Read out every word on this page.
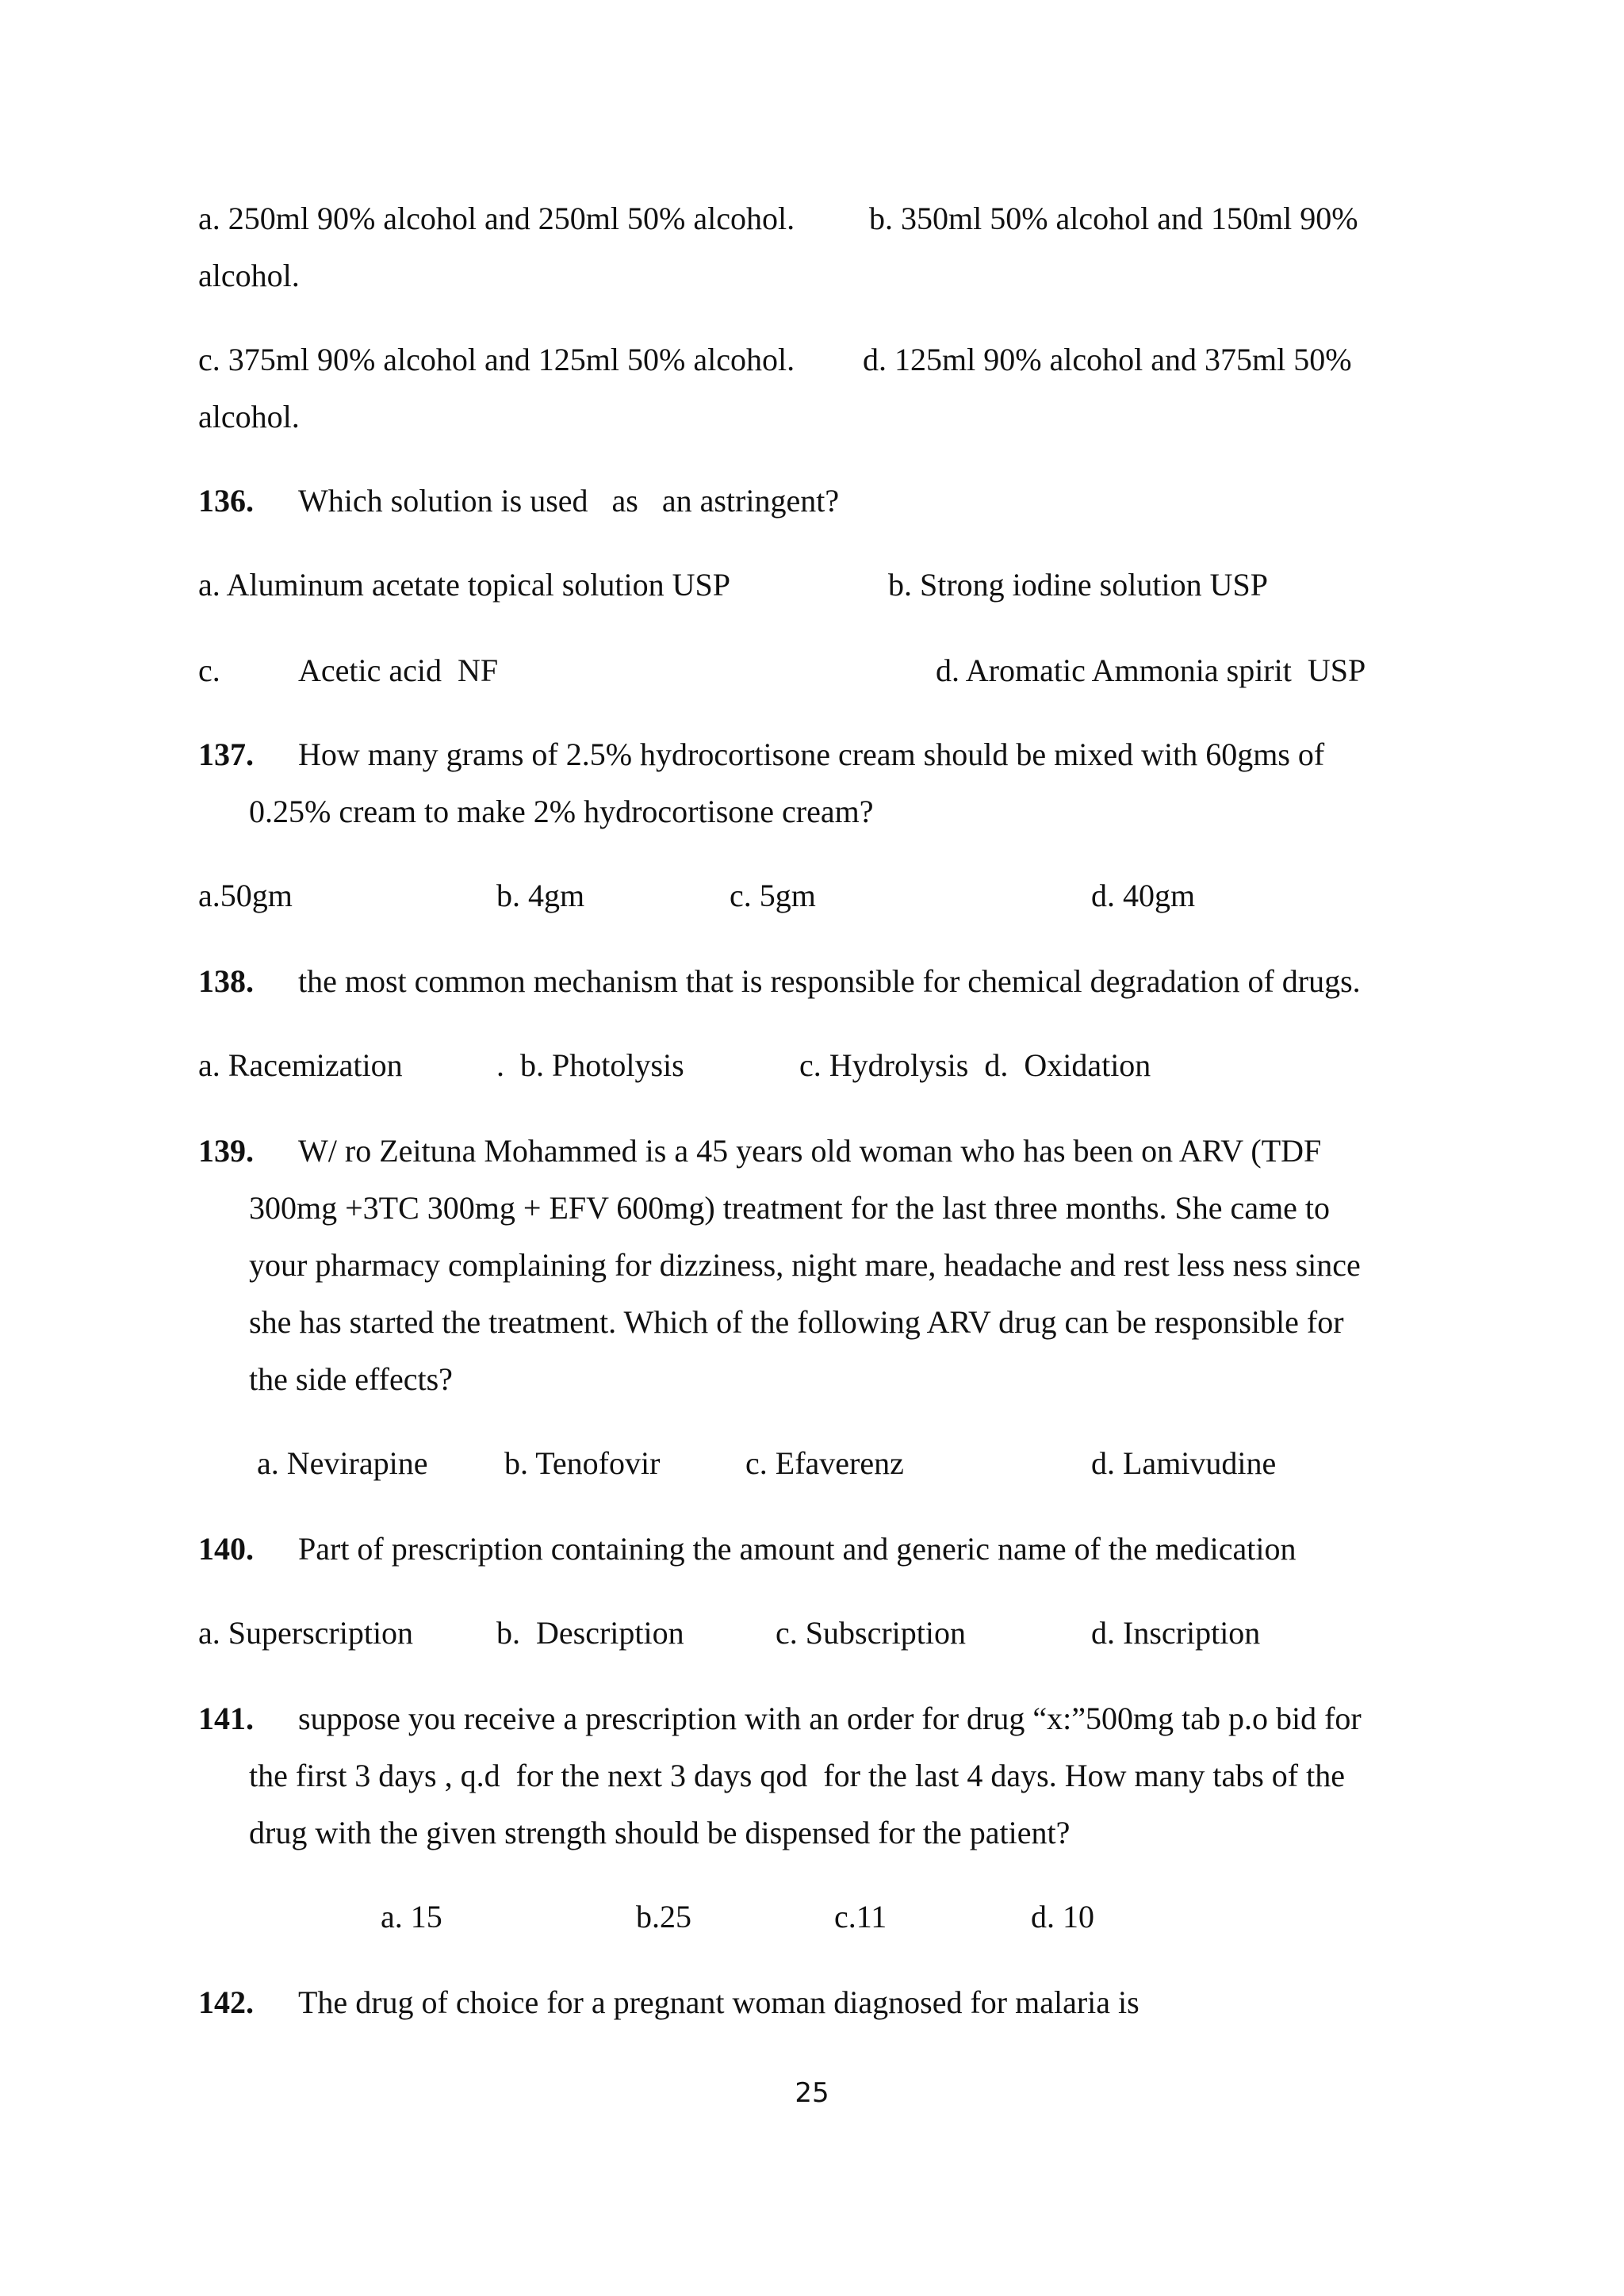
a. 250ml 90% alcohol and 250ml 50% alcohol. b. 350ml 50% alcohol and 150ml 90%
alcohol.
c. 375ml 90% alcohol and 125ml 50% alcohol. d. 125ml 90% alcohol and 375ml 50%
alcohol.
136. Which solution is used   as   an astringent?
a. Aluminum acetate topical solution USP	b. Strong iodine solution USP
c. Acetic acid  NF	d. Aromatic Ammonia spirit  USP
137. How many grams of 2.5% hydrocortisone cream should be mixed with 60gms of
0.25% cream to make 2% hydrocortisone cream?
a.50gm	b. 4gm	c. 5gm	d. 40gm
138. the most common mechanism that is responsible for chemical degradation of drugs.
a. Racemization	.  b. Photolysis	c. Hydrolysis  d.  Oxidation
139. W/ ro Zeituna Mohammed is a 45 years old woman who has been on ARV (TDF
300mg +3TC 300mg + EFV 600mg) treatment for the last three months. She came to
your pharmacy complaining for dizziness, night mare, headache and rest less ness since
she has started the treatment. Which of the following ARV drug can be responsible for
the side effects?
a. Nevirapine b. Tenofovir	c. Efaverenz	d. Lamivudine
140. Part of prescription containing the amount and generic name of the medication
a. Superscription	b.  Description	c. Subscription	d. Inscription
141. suppose you receive a prescription with an order for drug “x:”500mg tab p.o bid for
the first 3 days , q.d  for the next 3 days qod  for the last 4 days. How many tabs of the
drug with the given strength should be dispensed for the patient?
a. 15	b.25	c.11	d. 10
142. The drug of choice for a pregnant woman diagnosed for malaria is
25
